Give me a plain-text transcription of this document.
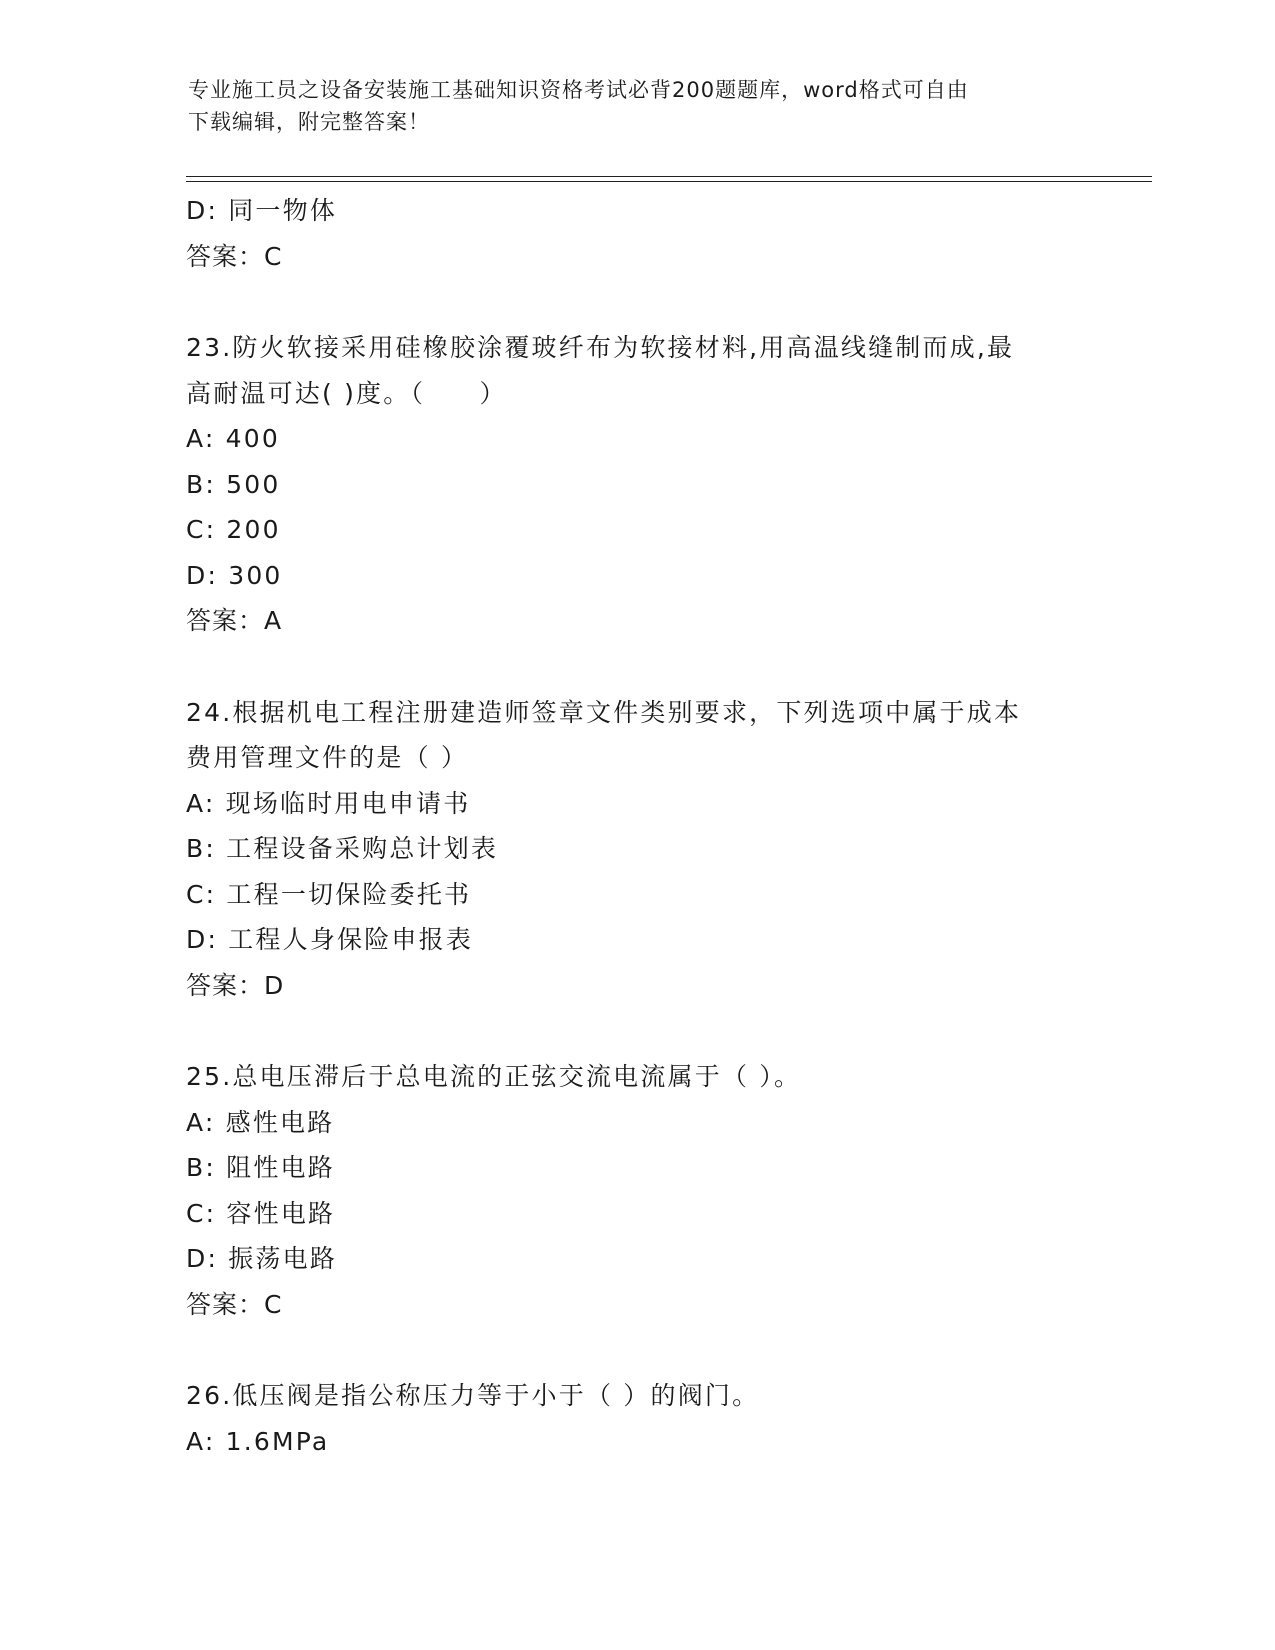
专业施工员之设备安装施工基础知识资格考试必背200题题库，word格式可自由
下载编辑，附完整答案！
D: 同一物体
答案：C
23.防火软接采用硅橡胶涂覆玻纤布为软接材料,用高温线缝制而成,最
高耐温可达( )度。（　　）
A: 400
B: 500
C: 200
D: 300
答案：A
24.根据机电工程注册建造师签章文件类别要求，下列选项中属于成本
费用管理文件的是（ ）
A: 现场临时用电申请书
B: 工程设备采购总计划表
C: 工程一切保险委托书
D: 工程人身保险申报表
答案：D
25.总电压滞后于总电流的正弦交流电流属于（ ）。
A: 感性电路
B: 阻性电路
C: 容性电路
D: 振荡电路
答案：C
26.低压阀是指公称压力等于小于（ ）的阀门。
A: 1.6MPa
